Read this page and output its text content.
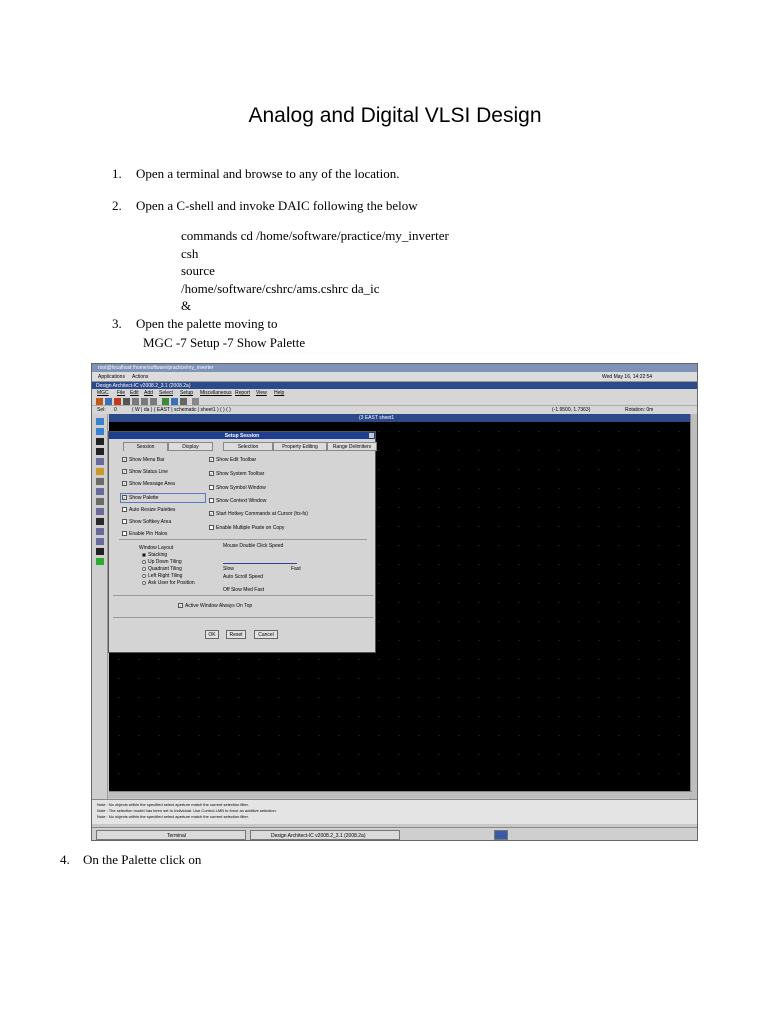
Analog and Digital VLSI Design
1.	Open a terminal and browse to any of the location.
2.	Open a C-shell and invoke DAIC following the below
commands cd /home/software/practice/my_inverter
csh
source
/home/software/cshrc/ams.cshrc da_ic
&
3.	Open the palette moving to
MGC -7 Setup -7 Show Palette
root@localhost:/home/software/practice/my_inverter
Applications Actions	Wed May 16, 14:22:54
Design Architect-IC v2008.2_3.1 (2008.2a)
MGC File Edit Add Select Setup Miscellaneous Report View Help
Sel: 0	( W | da ) ( EAST | schematic | sheet1 ) ( ) ( )	(-1.9500, 1.7363)	Rotation: 0m
(3 EAST sheet1
Note : No objects within the specified select aperture match the current selection filter.
Note : The selection model has been set to Individual. Use Control-LMB to force an additive selection.
Note : No objects within the specified select aperture match the current selection filter.
Terminal	Design Architect-IC v2008.2_3.1 (2008.2a)
Setup Session
Session	Display	Selection	Property Editing	Range Delimiters
✓ Show Menu Bar
✓ Show Status Line
✓ Show Message Area
✓ Show Palette
Auto Resize Palettes
Show Softkey Area
Enable Pin Halos
✓ Show Edit Toolbar
✓ Show System Toolbar
Show Symbol Window
Show Context Window
✓ Start Hotkey Commands at Cursor (hs-fs)
Enable Multiple Paste on Copy
Window Layout
Stacking
Up Down Tiling
Quadrant Tiling
Left Right Tiling
Ask User for Position
Mouse Double Click Speed
Slow	Fast
Auto Scroll Speed
Off Slow Med Fast
✓ Active Window Always On Top
OK	Reset	Cancel
4. On the Palette click on
